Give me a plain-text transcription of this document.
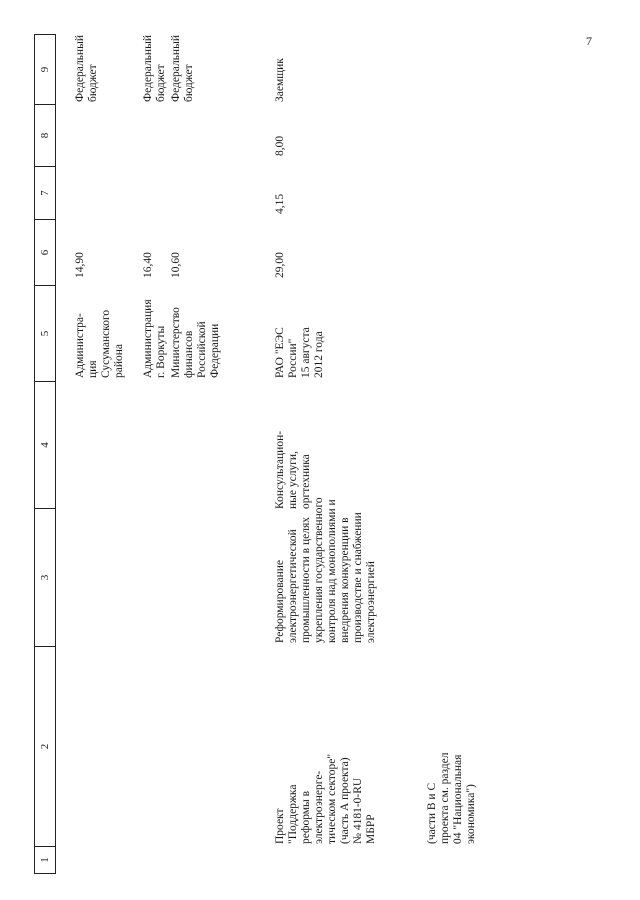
7
1
2
3
4
5
6
7
8
9
Администра-
ция
Сусуманского
района
14,90
Федеральный
бюджет
Администрация
г. Воркуты
16,40
Федеральный
бюджет
Министерство
финансов
Российской
Федерации
10,60
Федеральный
бюджет
Проект
"Поддержка
реформы в
электроэнерге-
тическом секторе"
(часть А проекта)
№ 4181-0-RU
МБРР	(части В и С
проекта см. раздел
04 "Национальная
экономика")
Реформирование
электроэнергетической
промышленности в целях
укрепления государственного
контроля над монополиями и
внедрения конкуренции в
производстве и снабжении
электроэнергией
Консультацион-
ные услуги,
оргтехника
РАО "ЕЭС
России"
15 августа
2012 года
29,00
4,15
8,00
Заемщик
